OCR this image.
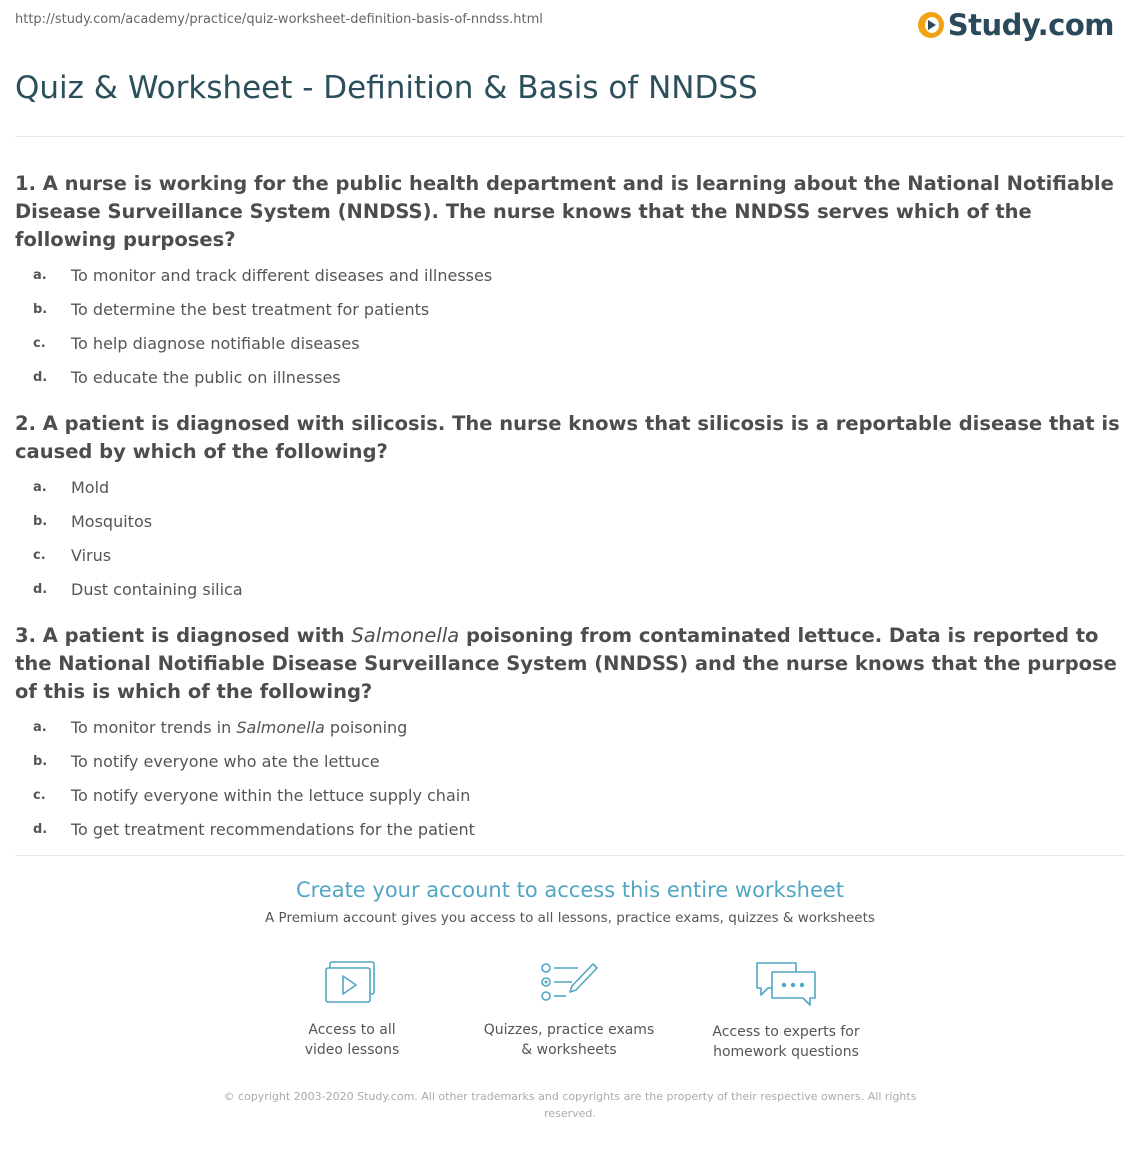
http://study.com/academy/practice/quiz-worksheet-definition-basis-of-nndss.html	Study.com
Quiz & Worksheet - Definition & Basis of NNDSS

1. A nurse is working for the public health department and is learning about the National Notifiable Disease Surveillance System (NNDSS). The nurse knows that the NNDSS serves which of the following purposes?

a.	To monitor and track different diseases and illnesses
b.	To determine the best treatment for patients
c.	To help diagnose notifiable diseases
d.	To educate the public on illnesses

2. A patient is diagnosed with silicosis. The nurse knows that silicosis is a reportable disease that is caused by which of the following?

a.	Mold
b.	Mosquitos
c.	Virus
d.	Dust containing silica

3. A patient is diagnosed with Salmonella poisoning from contaminated lettuce. Data is reported to the National Notifiable Disease Surveillance System (NNDSS) and the nurse knows that the purpose of this is which of the following?

a.	To monitor trends in Salmonella poisoning
b.	To notify everyone who ate the lettuce
c.	To notify everyone within the lettuce supply chain
d.	To get treatment recommendations for the patient
Create your account to access this entire worksheet

A Premium account gives you access to all lessons, practice exams, quizzes & worksheets

Access to all
video lessons
Quizzes, practice exams
& worksheets
Access to experts for
homework questions

© copyright 2003-2020 Study.com. All other trademarks and copyrights are the property of their respective owners. All rights reserved.
